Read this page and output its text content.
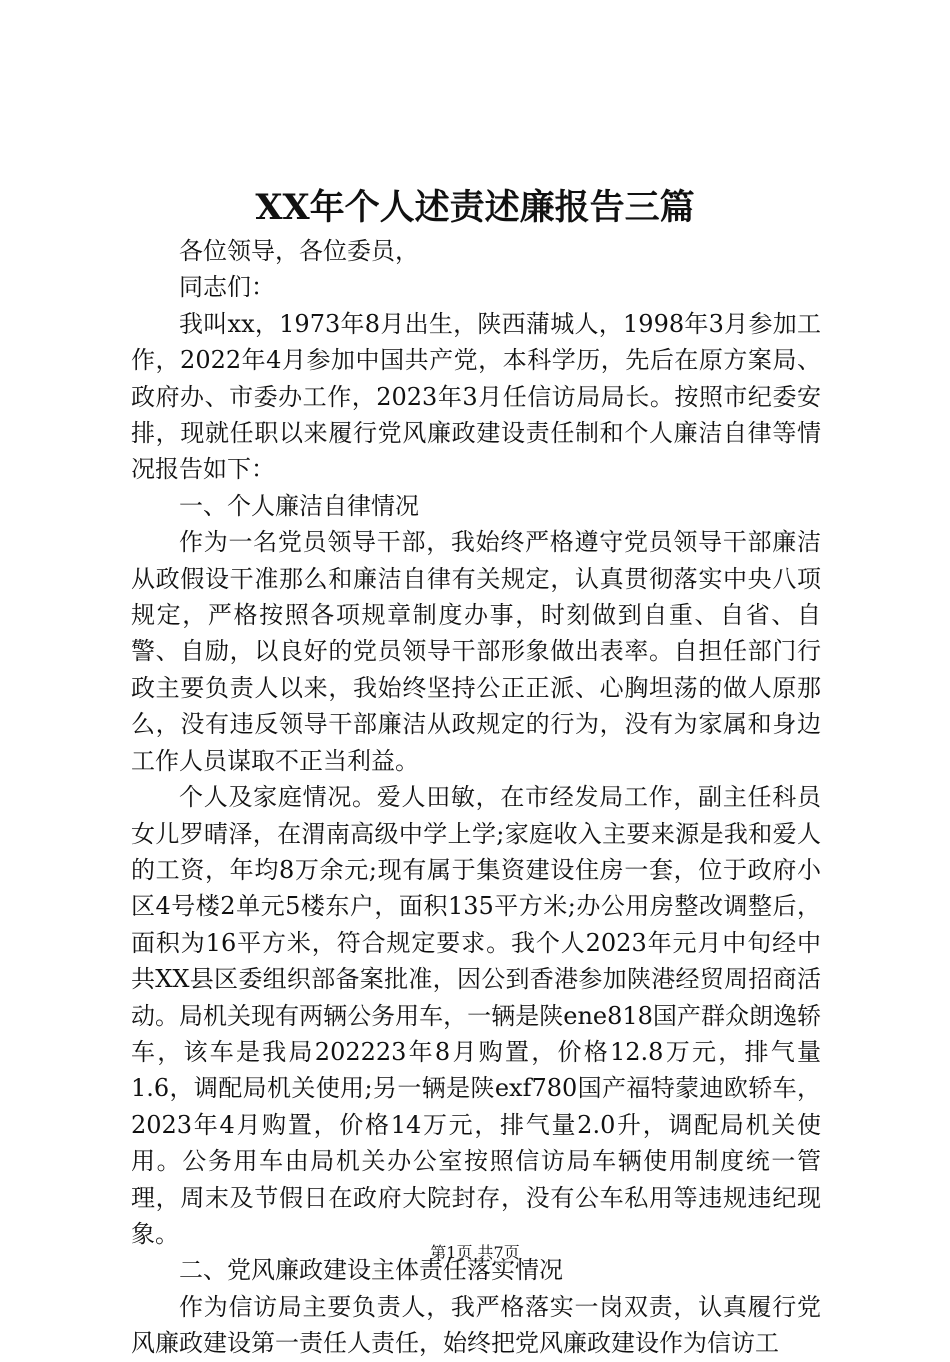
XX年个人述责述廉报告三篇

各位领导，各位委员，

同志们：

我叫xx，1973年8月出生，陕西蒲城人，1998年3月参加工作，2022年4月参加中国共产党，本科学历，先后在原方案局、政府办、市委办工作，2023年3月任信访局局长。按照市纪委安排，现就任职以来履行党风廉政建设责任制和个人廉洁自律等情况报告如下：

一、个人廉洁自律情况

作为一名党员领导干部，我始终严格遵守党员领导干部廉洁从政假设干准那么和廉洁自律有关规定，认真贯彻落实中央八项规定，严格按照各项规章制度办事，时刻做到自重、自省、自警、自励，以良好的党员领导干部形象做出表率。自担任部门行政主要负责人以来，我始终坚持公正正派、心胸坦荡的做人原那么，没有违反领导干部廉洁从政规定的行为，没有为家属和身边工作人员谋取不正当利益。

个人及家庭情况。爱人田敏，在市经发局工作，副主任科员女儿罗晴泽，在渭南高级中学上学;家庭收入主要来源是我和爱人的工资，年均8万余元;现有属于集资建设住房一套，位于政府小区4号楼2单元5楼东户，面积135平方米;办公用房整改调整后，面积为16平方米，符合规定要求。我个人2023年元月中旬经中共XX县区委组织部备案批准，因公到香港参加陕港经贸周招商活动。局机关现有两辆公务用车，一辆是陕ene818国产群众朗逸轿车，该车是我局202223年8月购置，价格12.8万元，排气量1.6，调配局机关使用;另一辆是陕exf780国产福特蒙迪欧轿车，2023年4月购置，价格14万元，排气量2.0升，调配局机关使用。公务用车由局机关办公室按照信访局车辆使用制度统一管理，周末及节假日在政府大院封存，没有公车私用等违规违纪现象。

二、党风廉政建设主体责任落实情况

作为信访局主要负责人，我严格落实一岗双责，认真履行党风廉政建设第一责任人责任，始终把党风廉政建设作为信访工

第1页 共7页
